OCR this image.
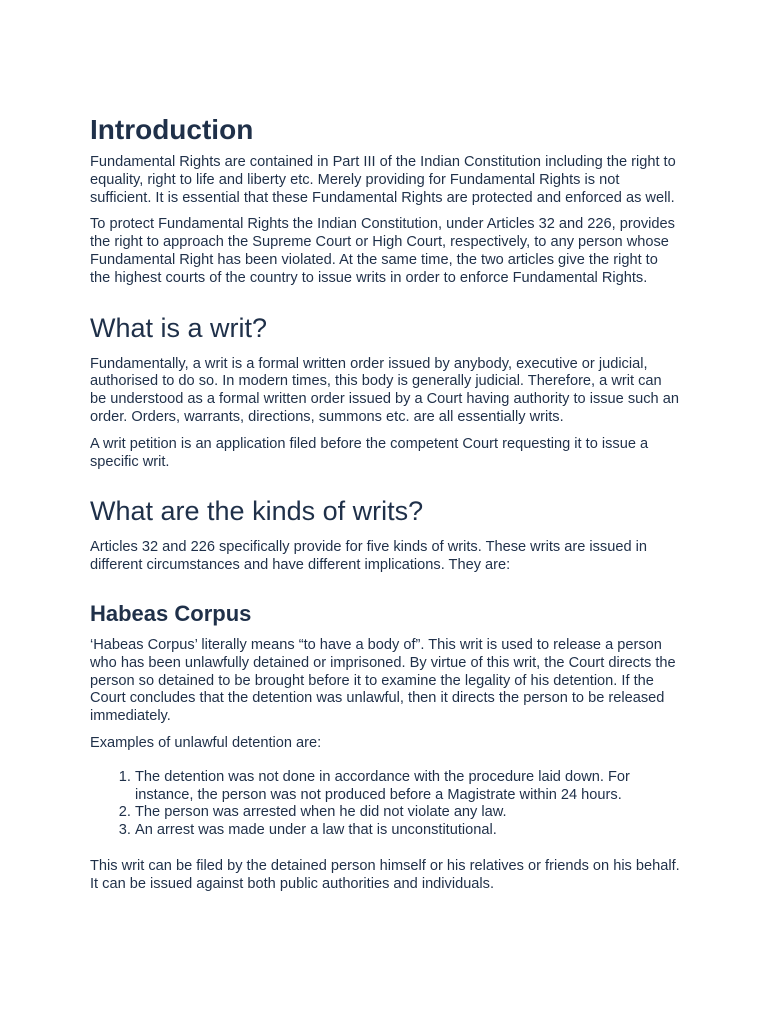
Introduction

Fundamental Rights are contained in Part III of the Indian Constitution including the right to equality, right to life and liberty etc. Merely providing for Fundamental Rights is not sufficient. It is essential that these Fundamental Rights are protected and enforced as well.

To protect Fundamental Rights the Indian Constitution, under Articles 32 and 226, provides the right to approach the Supreme Court or High Court, respectively, to any person whose Fundamental Right has been violated. At the same time, the two articles give the right to the highest courts of the country to issue writs in order to enforce Fundamental Rights.

What is a writ?

Fundamentally, a writ is a formal written order issued by anybody, executive or judicial, authorised to do so. In modern times, this body is generally judicial. Therefore, a writ can be understood as a formal written order issued by a Court having authority to issue such an order. Orders, warrants, directions, summons etc. are all essentially writs.

A writ petition is an application filed before the competent Court requesting it to issue a specific writ.

What are the kinds of writs?

Articles 32 and 226 specifically provide for five kinds of writs. These writs are issued in different circumstances and have different implications. They are:

Habeas Corpus

‘Habeas Corpus’ literally means “to have a body of”. This writ is used to release a person who has been unlawfully detained or imprisoned. By virtue of this writ, the Court directs the person so detained to be brought before it to examine the legality of his detention. If the Court concludes that the detention was unlawful, then it directs the person to be released immediately.

Examples of unlawful detention are:

1. The detention was not done in accordance with the procedure laid down. For instance, the person was not produced before a Magistrate within 24 hours.
2. The person was arrested when he did not violate any law.
3. An arrest was made under a law that is unconstitutional.

This writ can be filed by the detained person himself or his relatives or friends on his behalf. It can be issued against both public authorities and individuals.
